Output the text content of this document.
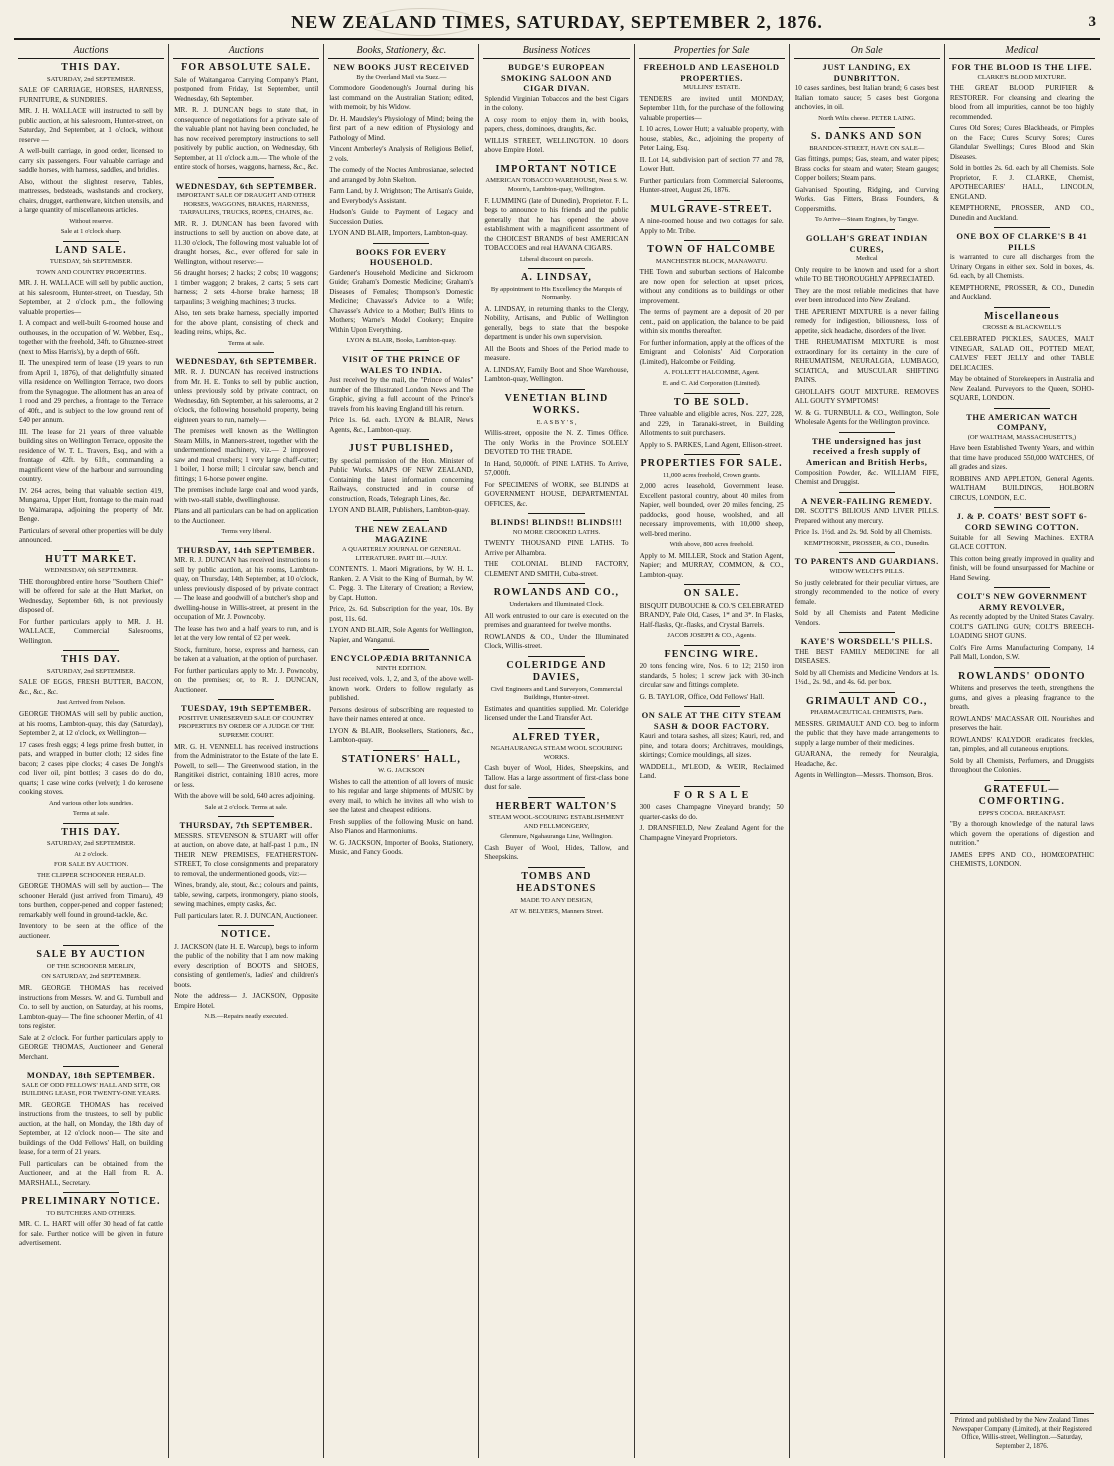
NEW ZEALAND TIMES, SATURDAY, SEPTEMBER 2, 1876.	3
Auctions
THIS DAY.
SATURDAY, 2nd SEPTEMBER.
SALE OF CARRIAGE, HORSES, HARNESS, FURNITURE, & SUNDRIES.
MR. J. H. WALLACE will instructed to sell by public auction, at his salesroom, Hunter-street, on Saturday, 2nd September, at 1 o'clock, without reserve —
A well-built carriage, in good order, licensed to carry six passengers. Four valuable carriage and saddle horses, with harness, saddles, and bridles.
Also, without the slightest reserve, Tables, mattresses, bedsteads, washstands and crockery, chairs, drugget, earthenware, kitchen utensils, and a large quantity of miscellaneous articles.
Without reserve.
Sale at 1 o'clock sharp.
LAND SALE.
TUESDAY, 5th SEPTEMBER.
TOWN AND COUNTRY PROPERTIES.
MR. J. H. WALLACE will sell by public auction, at his salesroom, Hunter-street, on Tuesday, 5th September, at 2 o'clock p.m., the following valuable properties—
I. A compact and well-built 6-roomed house and outhouses, in the occupation of W. Webber, Esq., together with the freehold, 34ft. to Ghuznee-street (next to Miss Harris's), by a depth of 66ft.
II. The unexpired term of lease (19 years to run from April 1, 1876), of that delightfully situated villa residence on Wellington Terrace, two doors from the Synagogue. The allotment has an area of 1 rood and 29 perches, a frontage to the Terrace of 40ft., and is subject to the low ground rent of £40 per annum.
III. The lease for 21 years of three valuable building sites on Wellington Terrace, opposite the residence of W. T. L. Travers, Esq., and with a frontage of 42ft. by 61ft., commanding a magnificent view of the harbour and surrounding country.
IV. 264 acres, being that valuable section 419, Mungaroa, Upper Hutt, frontage to the main road to Waimarapa, adjoining the property of Mr. Benge.
Particulars of several other properties will be duly announced.
HUTT MARKET.
WEDNESDAY, 6th SEPTEMBER.
THE thoroughbred entire horse "Southern Chief" will be offered for sale at the Hutt Market, on Wednesday, September 6th, is not previously disposed of.
For further particulars apply to MR. J. H. WALLACE, Commercial Salesrooms, Wellington.
THIS DAY.
SATURDAY, 2nd SEPTEMBER.
SALE OF EGGS, FRESH BUTTER, BACON, &c., &c., &c.
Just Arrived from Nelson.
GEORGE THOMAS will sell by public auction, at his rooms, Lambton-quay, this day (Saturday), September 2, at 12 o'clock, ex Wellington—
17 cases fresh eggs; 4 legs prime fresh butter, in pats, and wrapped in butter cloth; 12 sides fine bacon; 2 cases pipe clocks; 4 cases De Jongh's cod liver oil, pint bottles; 3 cases do do do, quarts; 1 case wine corks (velvet); 1 do kerosene cooking stoves.
And various other lots sundries.
Terms at sale.
THIS DAY.
SATURDAY, 2nd SEPTEMBER.
At 2 o'clock.
FOR SALE BY AUCTION.
THE CLIPPER SCHOONER HERALD.
GEORGE THOMAS will sell by auction— The schooner Herald (just arrived from Timaru), 49 tons burthen, copper-pened and copper fastened; remarkably well found in ground-tackle, &c.
Inventory to be seen at the office of the auctioneer.
SALE BY AUCTION
OF THE SCHOONER MERLIN,
ON SATURDAY, 2nd SEPTEMBER.
MR. GEORGE THOMAS has received instructions from Messrs. W. and G. Turnbull and Co. to sell by auction, on Saturday, at his rooms, Lambton-quay— The fine schooner Merlin, of 41 tons register.
Sale at 2 o'clock. For further particulars apply to GEORGE THOMAS, Auctioneer and General Merchant.
MONDAY, 18th SEPTEMBER.
SALE OF ODD FELLOWS' HALL AND SITE, OR BUILDING LEASE, FOR TWENTY-ONE YEARS.
MR. GEORGE THOMAS has received instructions from the trustees, to sell by public auction, at the hall, on Monday, the 18th day of September, at 12 o'clock noon— The site and buildings of the Odd Fellows' Hall, on building lease, for a term of 21 years.
Full particulars can be obtained from the Auctioneer, and at the Hall from R. A. MARSHALL, Secretary.
PRELIMINARY NOTICE.
TO BUTCHERS AND OTHERS.
MR. C. L. HART will offer 30 head of fat cattle for sale. Further notice will be given in future advertisement.
Auctions
FOR ABSOLUTE SALE.
Sale of Waitangaroa Carrying Company's Plant, postponed from Friday, 1st September, until Wednesday, 6th September.
MR. R. J. DUNCAN begs to state that, in consequence of negotiations for a private sale of the valuable plant not having been concluded, he has now received peremptory instructions to sell positively by public auction, on Wednesday, 6th September, at 11 o'clock a.m.— The whole of the entire stock of horses, waggons, harness, &c., &c.
WEDNESDAY, 6th SEPTEMBER.
IMPORTANT SALE OF DRAUGHT AND OTHER HORSES, WAGGONS, BRAKES, HARNESS, TARPAULINS, TRUCKS, ROPES, CHAINS, &c.
MR. R. J. DUNCAN has been favored with instructions to sell by auction on above date, at 11.30 o'clock, The following most valuable lot of draught horses, &c., ever offered for sale in Wellington, without reserve:—
56 draught horses; 2 hacks; 2 cobs; 10 waggons; 1 timber waggon; 2 brakes, 2 carts; 5 sets cart harness; 2 sets 4-horse brake harness; 18 tarpaulins; 3 weighing machines; 3 trucks.
Also, ten sets brake harness, specially imported for the above plant, consisting of check and leading reins, whips, &c.
Terms at sale.
WEDNESDAY, 6th SEPTEMBER.
MR. R. J. DUNCAN has received instructions from Mr. H. E. Tonks to sell by public auction, unless previously sold by private contract, on Wednesday, 6th September, at his salerooms, at 2 o'clock, the following household property, being eighteen years to run, namely—
The premises well known as the Wellington Steam Mills, in Manners-street, together with the undermentioned machinery, viz.— 2 improved saw and meal crushers; 1 very large chaff-cutter; 1 boiler, 1 horse mill; 1 circular saw, bench and fittings; 1 6-horse power engine.
The premises include large coal and wood yards, with two-stall stable, dwellinghouse.
Plans and all particulars can be had on application to the Auctioneer.
Terms very liberal.
THURSDAY, 14th SEPTEMBER.
MR. R. J. DUNCAN has received instructions to sell by public auction, at his rooms, Lambton-quay, on Thursday, 14th September, at 10 o'clock, unless previously disposed of by private contract— The lease and goodwill of a butcher's shop and dwelling-house in Willis-street, at present in the occupation of Mr. J. Powncoby.
The lease has two and a half years to run, and is let at the very low rental of £2 per week.
Stock, furniture, horse, express and harness, can be taken at a valuation, at the option of purchaser.
For further particulars apply to Mr. J. Powncoby, on the premises; or, to R. J. DUNCAN, Auctioneer.
TUESDAY, 19th SEPTEMBER.
POSITIVE UNRESERVED SALE OF COUNTRY PROPERTIES BY ORDER OF A JUDGE OF THE SUPREME COURT.
MR. G. H. VENNELL has received instructions from the Administrator to the Estate of the late E. Powell, to sell— The Greenwood station, in the Rangitikei district, containing 1810 acres, more or less.
With the above will be sold, 640 acres adjoining.
Sale at 2 o'clock. Terms at sale.
THURSDAY, 7th SEPTEMBER.
MESSRS. STEVENSON & STUART will offer at auction, on above date, at half-past 1 p.m., IN THEIR NEW PREMISES, FEATHERSTON-STREET, To close consignments and preparatory to removal, the undermentioned goods, viz:—
Wines, brandy, ale, stout, &c.; colours and paints, table, sewing, carpets, ironmongery, piano stools, sewing machines, empty casks, &c.
Full particulars later. R. J. DUNCAN, Auctioneer.
NOTICE.
J. JACKSON (late H. E. Warcup), begs to inform the public of the nobility that I am now making every description of BOOTS and SHOES, consisting of gentlemen's, ladies' and children's boots.
Note the address— J. JACKSON, Opposite Empire Hotel.
N.B.—Repairs neatly executed.
Books, Stationery, &c.
NEW BOOKS JUST RECEIVED
By the Overland Mail via Suez.—
Commodore Goodenough's Journal during his last command on the Australian Station; edited, with memoir, by his Widow.
Dr. H. Maudsley's Physiology of Mind; being the first part of a new edition of Physiology and Pathology of Mind.
Vincent Amberley's Analysis of Religious Belief, 2 vols.
The comedy of the Noctes Ambrosianae, selected and arranged by John Skelton.
Farm Land, by J. Wrightson; The Artisan's Guide, and Everybody's Assistant.
Hudson's Guide to Payment of Legacy and Succession Duties.
LYON AND BLAIR, Importers, Lambton-quay.
BOOKS FOR EVERY HOUSEHOLD.
Gardener's Household Medicine and Sickroom Guide; Graham's Domestic Medicine; Graham's Diseases of Females; Thompson's Domestic Medicine; Chavasse's Advice to a Wife; Chavasse's Advice to a Mother; Bull's Hints to Mothers; Warne's Model Cookery; Enquire Within Upon Everything.
LYON & BLAIR, Books, Lambton-quay.
VISIT OF THE PRINCE OF WALES TO INDIA.
Just received by the mail, the "Prince of Wales" number of the Illustrated London News and The Graphic, giving a full account of the Prince's travels from his leaving England till his return.
Price 1s. 6d. each. LYON & BLAIR, News Agents, &c., Lambton-quay.
JUST PUBLISHED,
By special permission of the Hon. Minister of Public Works. MAPS OF NEW ZEALAND, Containing the latest information concerning Railways, constructed and in course of construction, Roads, Telegraph Lines, &c.
LYON AND BLAIR, Publishers, Lambton-quay.
THE NEW ZEALAND MAGAZINE
A QUARTERLY JOURNAL OF GENERAL LITERATURE. PART III.—JULY.
CONTENTS. 1. Maori Migrations, by W. H. L. Ranken. 2. A Visit to the King of Burmah, by W. C. Pegg. 3. The Literary of Creation; a Review, by Capt. Hutton.
Price, 2s. 6d. Subscription for the year, 10s. By post, 11s. 6d.
LYON AND BLAIR, Sole Agents for Wellington, Napier, and Wanganui.
ENCYCLOPÆDIA BRITANNICA
NINTH EDITION.
Just received, vols. 1, 2, and 3, of the above well-known work. Orders to follow regularly as published.
Persons desirous of subscribing are requested to have their names entered at once.
LYON & BLAIR, Booksellers, Stationers, &c., Lambton-quay.
STATIONERS' HALL,
W. G. JACKSON
Wishes to call the attention of all lovers of music to his regular and large shipments of MUSIC by every mail, to which he invites all who wish to see the latest and cheapest editions.
Fresh supplies of the following Music on hand. Also Pianos and Harmoniums.
W. G. JACKSON, Importer of Books, Stationery, Music, and Fancy Goods.
Business Notices
BUDGE'S EUROPEAN SMOKING SALOON AND CIGAR DIVAN.
Splendid Virginian Tobaccos and the best Cigars in the colony.
A cosy room to enjoy them in, with books, papers, chess, dominoes, draughts, &c.
WILLIS STREET, WELLINGTON. 10 doors above Empire Hotel.
IMPORTANT NOTICE
AMERICAN TOBACCO WAREHOUSE, Next S. W. Moorn's, Lambton-quay, Wellington.
F. LUMMING (late of Dunedin), Proprietor. F. L. begs to announce to his friends and the public generally that he has opened the above establishment with a magnificent assortment of the CHOICEST BRANDS of best AMERICAN TOBACCOES and real HAVANA CIGARS.
Liberal discount on parcels.
A. LINDSAY,
By appointment to His Excellency the Marquis of Normanby.
A. LINDSAY, in returning thanks to the Clergy, Nobility, Artisans, and Public of Wellington generally, begs to state that the bespoke department is under his own supervision.
All the Boots and Shoes of the Period made to measure.
A. LINDSAY, Family Boot and Shoe Warehouse, Lambton-quay, Wellington.
VENETIAN BLIND WORKS.
E. A S B Y ' S ,
Willis-street, opposite the N. Z. Times Office. The only Works in the Province SOLELY DEVOTED TO THE TRADE.
In Hand, 50,000ft. of PINE LATHS. To Arrive, 57,000ft.
For SPECIMENS of WORK, see BLINDS at GOVERNMENT HOUSE, DEPARTMENTAL OFFICES, &c.
BLINDS! BLINDS!! BLINDS!!!
NO MORE CROOKED LATHS.
TWENTY THOUSAND PINE LATHS. To Arrive per Alhambra.
THE COLONIAL BLIND FACTORY, CLEMENT AND SMITH, Cuba-street.
ROWLANDS AND CO.,
Undertakers and Illuminated Clock.
All work entrusted to our care is executed on the premises and guaranteed for twelve months.
ROWLANDS & CO., Under the Illuminated Clock, Willis-street.
COLERIDGE AND DAVIES,
Civil Engineers and Land Surveyors, Commercial Buildings, Hunter-street.
Estimates and quantities supplied. Mr. Coleridge licensed under the Land Transfer Act.
ALFRED TYER,
NGAHAURANGA STEAM WOOL SCOURING WORKS.
Cash buyer of Wool, Hides, Sheepskins, and Tallow. Has a large assortment of first-class bone dust for sale.
HERBERT WALTON'S
STEAM WOOL-SCOURING ESTABLISHMENT AND FELLMONGERY,
Glenmure, Ngahauranga Line, Wellington.
Cash Buyer of Wool, Hides, Tallow, and Sheepskins.
TOMBS AND HEADSTONES
MADE TO ANY DESIGN,
AT W. BELYER'S, Manners Street.
Properties for Sale
FREEHOLD AND LEASEHOLD PROPERTIES.
MULLINS' ESTATE.
TENDERS are invited until MONDAY, September 11th, for the purchase of the following valuable properties—
I. 10 acres, Lower Hutt; a valuable property, with house, stables, &c., adjoining the property of Peter Laing, Esq.
II. Lot 14, subdivision part of section 77 and 78, Lower Hutt.
Further particulars from Commercial Salerooms, Hunter-street, August 26, 1876.
MULGRAVE-STREET.
A nine-roomed house and two cottages for sale. Apply to Mr. Tribe.
TOWN OF HALCOMBE
MANCHESTER BLOCK, MANAWATU.
THE Town and suburban sections of Halcombe are now open for selection at upset prices, without any conditions as to buildings or other improvement.
The terms of payment are a deposit of 20 per cent., paid on application, the balance to be paid within six months thereafter.
For further information, apply at the offices of the Emigrant and Colonists' Aid Corporation (Limited), Halcombe or Feilding.
A. FOLLETT HALCOMBE, Agent.
E. and C. Aid Corporation (Limited).
TO BE SOLD.
Three valuable and eligible acres, Nos. 227, 228, and 229, in Taranaki-street, in Building Allotments to suit purchasers.
Apply to S. PARKES, Land Agent, Ellison-street.
PROPERTIES FOR SALE.
11,000 acres freehold, Crown grants.
2,000 acres leasehold, Government lease. Excellent pastoral country, about 40 miles from Napier, well bounded, over 20 miles fencing, 25 paddocks, good house, woolshed, and all necessary improvements, with 10,000 sheep, well-bred merino.
With above, 800 acres freehold.
Apply to M. MILLER, Stock and Station Agent, Napier; and MURRAY, COMMON, & CO., Lambton-quay.
ON SALE.
BISQUIT DUBOUCHE & CO.'S CELEBRATED BRANDY, Pale Old, Cases, 1* and 3*. In Flasks, Half-flasks, Qr.-flasks, and Crystal Barrels.
JACOB JOSEPH & CO., Agents.
FENCING WIRE.
20 tons fencing wire, Nos. 6 to 12; 2150 iron standards, 5 holes; 1 screw jack with 30-inch circular saw and fittings complete.
G. B. TAYLOR, Office, Odd Fellows' Hall.
ON SALE AT THE CITY STEAM SASH & DOOR FACTORY.
Kauri and totara sashes, all sizes; Kauri, red, and pine, and totara doors; Architraves, mouldings, skirtings; Cornice mouldings, all sizes.
WADDELL, M'LEOD, & WEIR, Reclaimed Land.
F O R S A L E
300 cases Champagne Vineyard brandy; 50 quarter-casks do do.
J. DRANSFIELD, New Zealand Agent for the Champagne Vineyard Proprietors.
On Sale
JUST LANDING, EX DUNBRITTON.
10 cases sardines, best Italian brand; 6 cases best Italian tomato sauce; 5 cases best Gorgona anchovies, in oil.
North Wilts cheese. PETER LAING.
S. DANKS AND SON
BRANDON-STREET, HAVE ON SALE—
Gas fittings, pumps; Gas, steam, and water pipes; Brass cocks for steam and water; Steam gauges; Copper boilers; Steam pans.
Galvanised Spouting, Ridging, and Curving Works. Gas Fitters, Brass Founders, & Coppersmiths.
To Arrive—Steam Engines, by Tangye.
GOLLAH'S GREAT INDIAN CURES,
Medical
Only require to be known and used for a short while TO BE THOROUGHLY APPRECIATED.
They are the most reliable medicines that have ever been introduced into New Zealand.
THE APERIENT MIXTURE is a never failing remedy for indigestion, biliousness, loss of appetite, sick headache, disorders of the liver.
THE RHEUMATISM MIXTURE is most extraordinary for its certainty in the cure of RHEUMATISM, NEURALGIA, LUMBAGO, SCIATICA, and MUSCULAR SHIFTING PAINS.
GHOLLAH'S GOUT MIXTURE. REMOVES ALL GOUTY SYMPTOMS!
W. & G. TURNBULL & CO., Wellington, Sole Wholesale Agents for the Wellington province.
THE undersigned has just received a fresh supply of American and British Herbs,
Composition Powder, &c. WILLIAM FIFE, Chemist and Druggist.
A NEVER-FAILING REMEDY.
DR. SCOTT'S BILIOUS AND LIVER PILLS. Prepared without any mercury.
Price 1s. 1½d. and 2s. 9d. Sold by all Chemists.
KEMPTHORNE, PROSSER, & CO., Dunedin.
TO PARENTS AND GUARDIANS.
WIDOW WELCH'S PILLS.
So justly celebrated for their peculiar virtues, are strongly recommended to the notice of every female.
Sold by all Chemists and Patent Medicine Vendors.
KAYE'S WORSDELL'S PILLS.
THE BEST FAMILY MEDICINE for all DISEASES.
Sold by all Chemists and Medicine Vendors at 1s. 1½d., 2s. 9d., and 4s. 6d. per box.
GRIMAULT AND CO.,
PHARMACEUTICAL CHEMISTS, Paris.
MESSRS. GRIMAULT AND CO. beg to inform the public that they have made arrangements to supply a large number of their medicines.
GUARANA, the remedy for Neuralgia, Headache, &c.
Agents in Wellington—Messrs. Thomson, Bros.
Medical
FOR THE BLOOD IS THE LIFE.
CLARKE'S BLOOD MIXTURE.
THE GREAT BLOOD PURIFIER & RESTORER. For cleansing and clearing the blood from all impurities, cannot be too highly recommended.
Cures Old Sores; Cures Blackheads, or Pimples on the Face; Cures Scurvy Sores; Cures Glandular Swellings; Cures Blood and Skin Diseases.
Sold in bottles 2s. 6d. each by all Chemists. Sole Proprietor, F. J. CLARKE, Chemist, APOTHECARIES' HALL, LINCOLN, ENGLAND.
KEMPTHORNE, PROSSER, AND CO., Dunedin and Auckland.
ONE BOX OF CLARKE'S B 41 PILLS
is warranted to cure all discharges from the Urinary Organs in either sex. Sold in boxes, 4s. 6d. each, by all Chemists.
KEMPTHORNE, PROSSER, & CO., Dunedin and Auckland.
Miscellaneous
CROSSE & BLACKWELL'S
CELEBRATED PICKLES, SAUCES, MALT VINEGAR, SALAD OIL, POTTED MEAT, CALVES' FEET JELLY and other TABLE DELICACIES.
May be obtained of Storekeepers in Australia and New Zealand. Purveyors to the Queen, SOHO-SQUARE, LONDON.
THE AMERICAN WATCH COMPANY,
(OF WALTHAM, MASSACHUSETTS,)
Have been Established Twenty Years, and within that time have produced 550,000 WATCHES, Of all grades and sizes.
ROBBINS AND APPLETON, General Agents. WALTHAM BUILDINGS, HOLBORN CIRCUS, LONDON, E.C.
J. & P. COATS' BEST SOFT 6-CORD SEWING COTTON.
Suitable for all Sewing Machines. EXTRA GLACE COTTON.
This cotton being greatly improved in quality and finish, will be found unsurpassed for Machine or Hand Sewing.
COLT'S NEW GOVERNMENT ARMY REVOLVER,
As recently adopted by the United States Cavalry. COLT'S GATLING GUN; COLT'S BREECH-LOADING SHOT GUNS.
Colt's Fire Arms Manufacturing Company, 14 Pall Mall, London, S.W.
ROWLANDS' ODONTO
Whitens and preserves the teeth, strengthens the gums, and gives a pleasing fragrance to the breath.
ROWLANDS' MACASSAR OIL Nourishes and preserves the hair.
ROWLANDS' KALYDOR eradicates freckles, tan, pimples, and all cutaneous eruptions.
Sold by all Chemists, Perfumers, and Druggists throughout the Colonies.
GRATEFUL—COMFORTING.
EPPS'S COCOA. BREAKFAST.
"By a thorough knowledge of the natural laws which govern the operations of digestion and nutrition."
JAMES EPPS AND CO., HOMŒOPATHIC CHEMISTS, LONDON.
Printed and published by the New Zealand Times Newspaper Company (Limited), at their Registered Office, Willis-street, Wellington.—Saturday, September 2, 1876.
